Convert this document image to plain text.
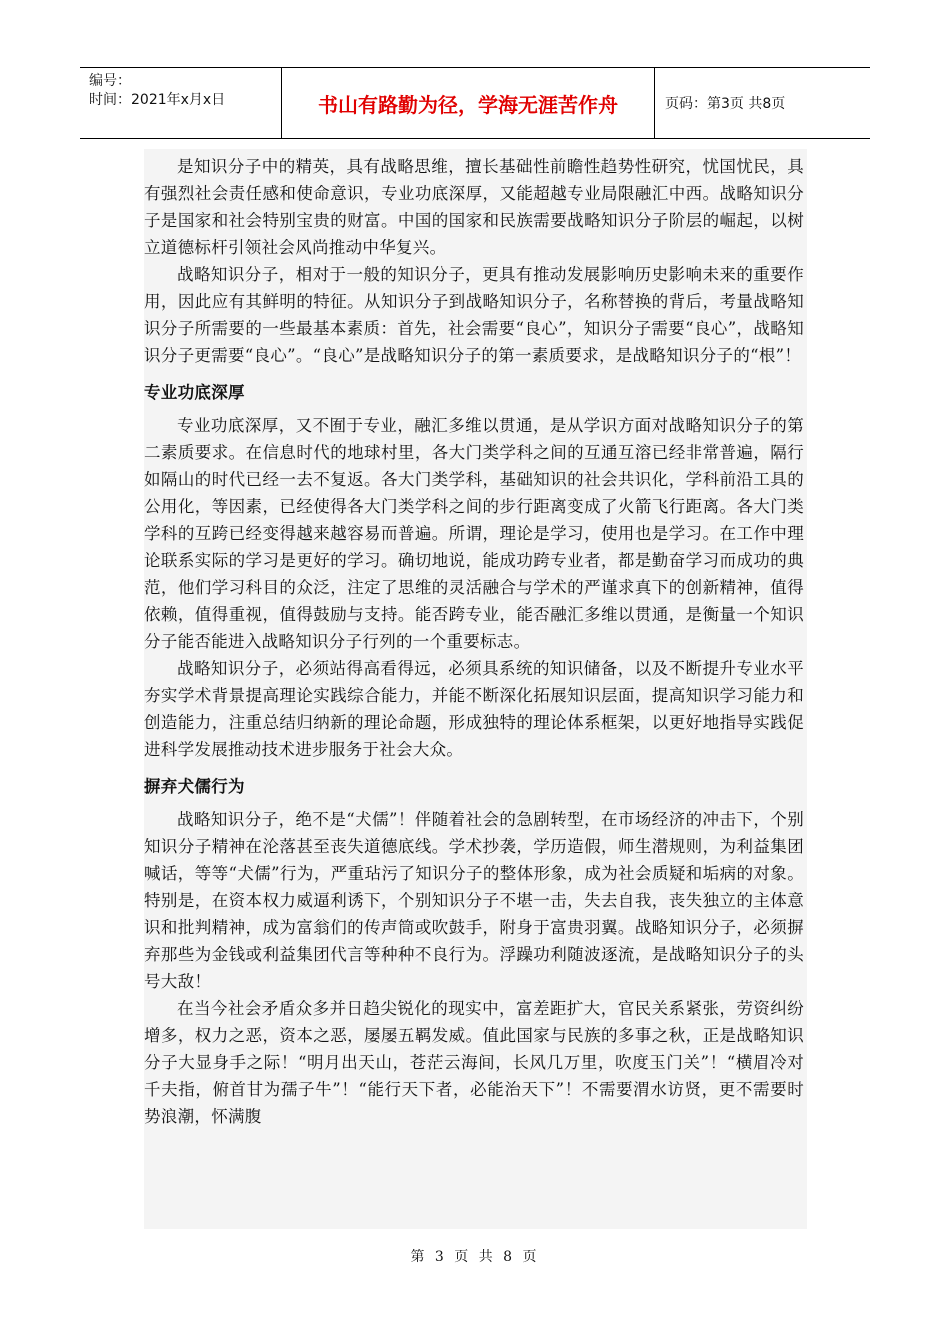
编号：
时间：2021年x月x日	书山有路勤为径，学海无涯苦作舟	页码：第3页 共8页

是知识分子中的精英，具有战略思维，擅长基础性前瞻性趋势性研究，忧国忧民，具有强烈社会责任感和使命意识，专业功底深厚，又能超越专业局限融汇中西。战略知识分子是国家和社会特别宝贵的财富。中国的国家和民族需要战略知识分子阶层的崛起，以树立道德标杆引领社会风尚推动中华复兴。

战略知识分子，相对于一般的知识分子，更具有推动发展影响历史影响未来的重要作用，因此应有其鲜明的特征。从知识分子到战略知识分子，名称替换的背后，考量战略知识分子所需要的一些最基本素质：首先，社会需要“良心”，知识分子需要“良心”，战略知识分子更需要“良心”。“良心”是战略知识分子的第一素质要求，是战略知识分子的“根”！

专业功底深厚

专业功底深厚，又不囿于专业，融汇多维以贯通，是从学识方面对战略知识分子的第二素质要求。在信息时代的地球村里，各大门类学科之间的互通互溶已经非常普遍，隔行如隔山的时代已经一去不复返。各大门类学科，基础知识的社会共识化，学科前沿工具的公用化，等因素，已经使得各大门类学科之间的步行距离变成了火箭飞行距离。各大门类学科的互跨已经变得越来越容易而普遍。所谓，理论是学习，使用也是学习。在工作中理论联系实际的学习是更好的学习。确切地说，能成功跨专业者，都是勤奋学习而成功的典范，他们学习科目的众泛，注定了思维的灵活融合与学术的严谨求真下的创新精神，值得依赖，值得重视，值得鼓励与支持。能否跨专业，能否融汇多维以贯通，是衡量一个知识分子能否能进入战略知识分子行列的一个重要标志。

战略知识分子，必须站得高看得远，必须具系统的知识储备，以及不断提升专业水平夯实学术背景提高理论实践综合能力，并能不断深化拓展知识层面，提高知识学习能力和创造能力，注重总结归纳新的理论命题，形成独特的理论体系框架，以更好地指导实践促进科学发展推动技术进步服务于社会大众。

摒弃犬儒行为

战略知识分子，绝不是“犬儒”！伴随着社会的急剧转型，在市场经济的冲击下，个别知识分子精神在沦落甚至丧失道德底线。学术抄袭，学历造假，师生潜规则，为利益集团喊话，等等“犬儒”行为，严重玷污了知识分子的整体形象，成为社会质疑和垢病的对象。特别是，在资本权力威逼利诱下，个别知识分子不堪一击，失去自我，丧失独立的主体意识和批判精神，成为富翁们的传声筒或吹鼓手，附身于富贵羽翼。战略知识分子，必须摒弃那些为金钱或利益集团代言等种种不良行为。浮躁功利随波逐流，是战略知识分子的头号大敌！

在当今社会矛盾众多并日趋尖锐化的现实中，富差距扩大，官民关系紧张，劳资纠纷增多，权力之恶，资本之恶，屡屡五羁发威。值此国家与民族的多事之秋，正是战略知识分子大显身手之际！“明月出天山，苍茫云海间，长风几万里，吹度玉门关”！“横眉冷对千夫指，俯首甘为孺子牛”！“能行天下者，必能治天下”！不需要渭水访贤，更不需要时势浪潮，怀满腹

第 3 页 共 8 页
